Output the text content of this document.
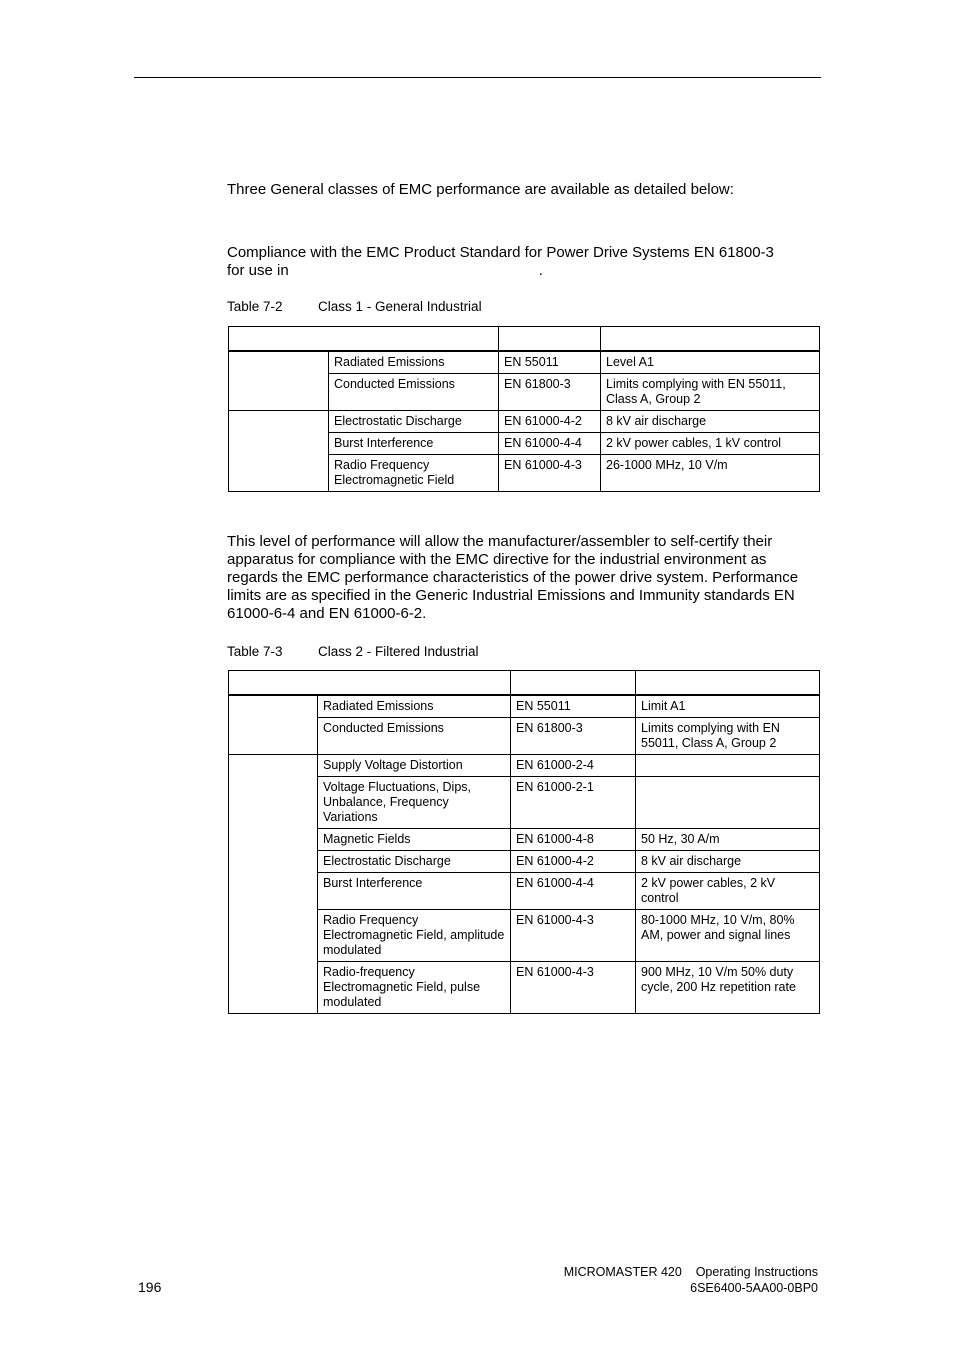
Three General classes of EMC performance are available as detailed below:

Compliance with the EMC Product Standard for Power Drive Systems EN 61800-3
for use in	.

Table 7-2	Class 1 - General Industrial

	Radiated Emissions	EN 55011	Level A1
	Conducted Emissions	EN 61800-3	Limits complying with EN 55011, Class A, Group 2
	Electrostatic Discharge	EN 61000-4-2	8 kV air discharge
	Burst Interference	EN 61000-4-4	2 kV power cables, 1 kV control
	Radio Frequency Electromagnetic Field	EN 61000-4-3	26-1000 MHz, 10 V/m

This level of performance will allow the manufacturer/assembler to self-certify their apparatus for compliance with the EMC directive for the industrial environment as regards the EMC performance characteristics of the power drive system. Performance limits are as specified in the Generic Industrial Emissions and Immunity standards EN 61000-6-4 and EN 61000-6-2.

Table 7-3	Class 2 - Filtered Industrial

	Radiated Emissions	EN 55011	Limit A1
	Conducted Emissions	EN 61800-3	Limits complying with EN 55011, Class A, Group 2
	Supply Voltage Distortion	EN 61000-2-4	
	Voltage Fluctuations, Dips, Unbalance, Frequency Variations	EN 61000-2-1	
	Magnetic Fields	EN 61000-4-8	50 Hz, 30 A/m
	Electrostatic Discharge	EN 61000-4-2	8 kV air discharge
	Burst Interference	EN 61000-4-4	2 kV power cables, 2 kV control
	Radio Frequency Electromagnetic Field, amplitude modulated	EN 61000-4-3	80-1000 MHz, 10 V/m, 80% AM, power and signal lines
	Radio-frequency Electromagnetic Field, pulse modulated	EN 61000-4-3	900 MHz, 10 V/m 50% duty cycle, 200 Hz repetition rate
196
MICROMASTER 420    Operating Instructions
6SE6400-5AA00-0BP0
